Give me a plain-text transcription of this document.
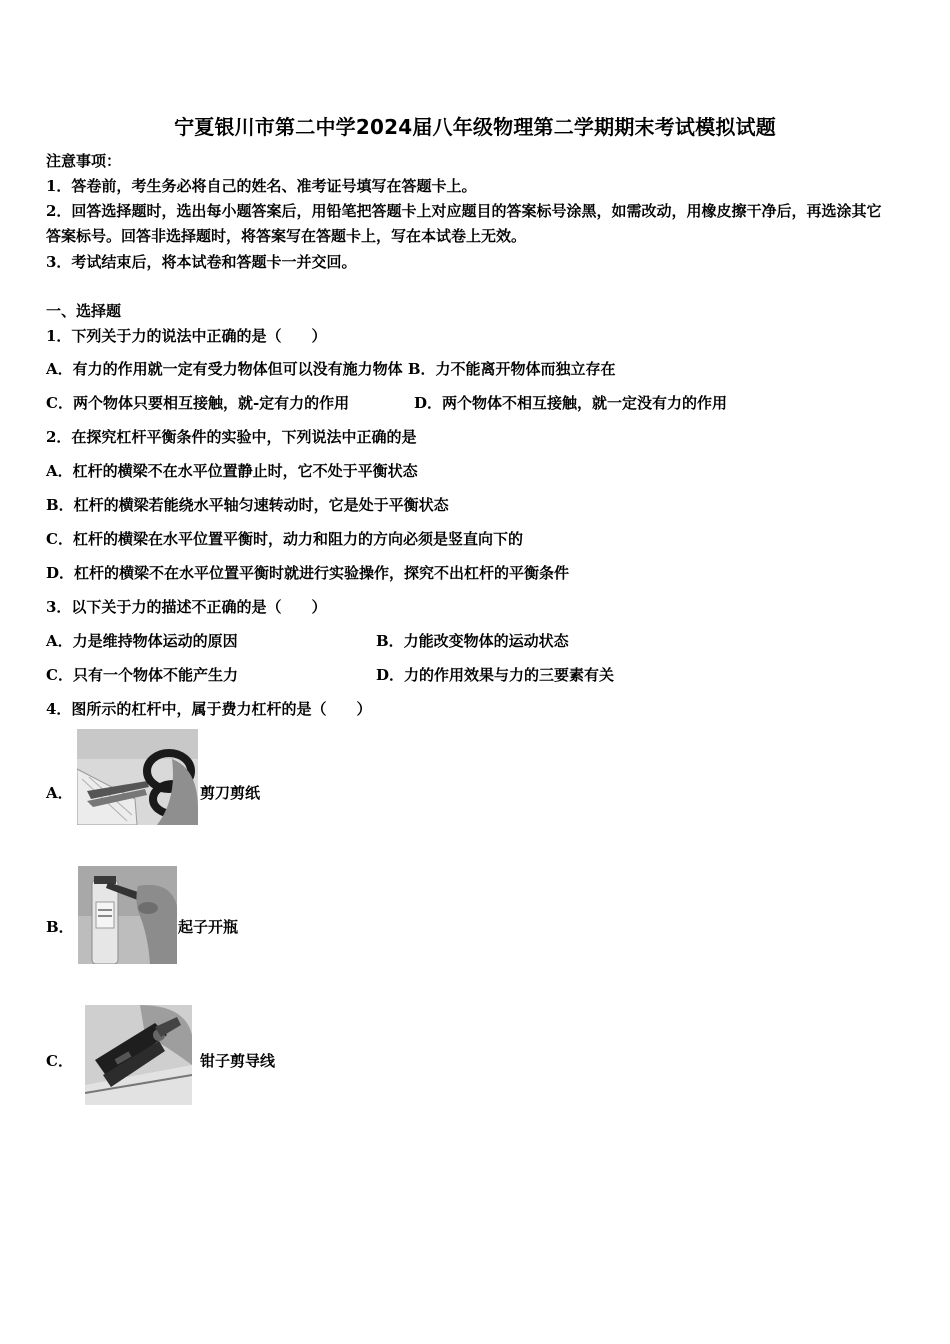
宁夏银川市第二中学2024届八年级物理第二学期期末考试模拟试题
注意事项：
1．答卷前，考生务必将自己的姓名、准考证号填写在答题卡上。
2．回答选择题时，选出每小题答案后，用铅笔把答题卡上对应题目的答案标号涂黑，如需改动，用橡皮擦干净后，再选涂其它答案标号。回答非选择题时，将答案写在答题卡上，写在本试卷上无效。
3．考试结束后，将本试卷和答题卡一并交回。
一、选择题
1．下列关于力的说法中正确的是（　　）
A．有力的作用就一定有受力物体但可以没有施力物体 B．力不能离开物体而独立存在
C．两个物体只要相互接触，就-定有力的作用	D．两个物体不相互接触，就一定没有力的作用
2．在探究杠杆平衡条件的实验中，下列说法中正确的是
A．杠杆的横梁不在水平位置静止时，它不处于平衡状态
B．杠杆的横梁若能绕水平轴匀速转动时，它是处于平衡状态
C．杠杆的横梁在水平位置平衡时，动力和阻力的方向必须是竖直向下的
D．杠杆的横梁不在水平位置平衡时就进行实验操作，探究不出杠杆的平衡条件
3．以下关于力的描述不正确的是（　　）
A．力是维持物体运动的原因	B．力能改变物体的运动状态
C．只有一个物体不能产生力	D．力的作用效果与力的三要素有关
4．图所示的杠杆中，属于费力杠杆的是（　　）
A．	剪刀剪纸
B．	起子开瓶
C．	钳子剪导线
